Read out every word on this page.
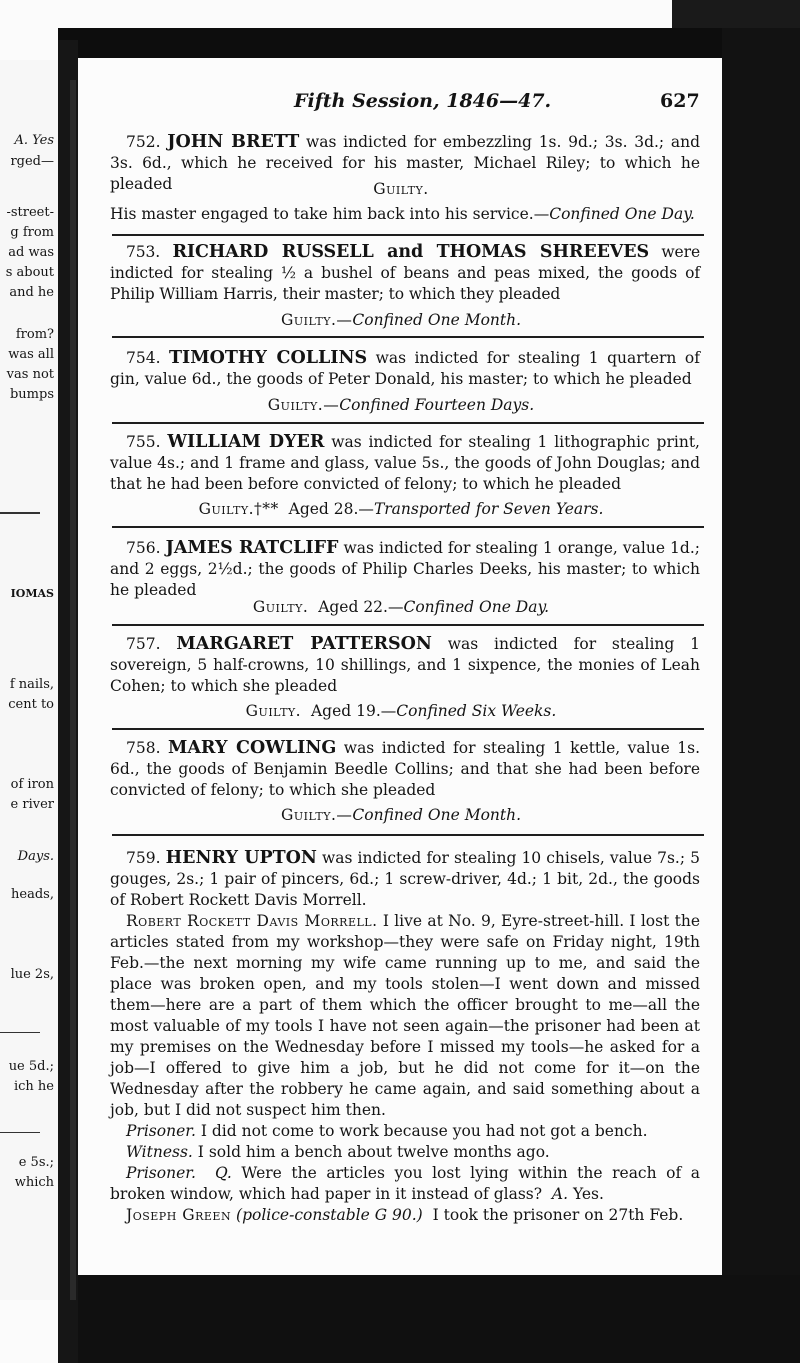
A. Yes
rged—
-street-
g from
ad was
s about
and he
from?
was all
vas not
bumps
IOMAS
f nails,
cent to
of iron
e river
Days.
heads,
lue 2s,
ue 5d.;
ich he
e 5s.;
which
Fifth Session, 1846—47.	627

752. JOHN BRETT was indicted for embezzling 1s. 9d.; 3s. 3d.; and 3s. 6d., which he received for his master, Michael Riley; to which he pleaded	Guilty.
His master engaged to take him back into his service.—Confined One Day.

753. RICHARD RUSSELL and THOMAS SHREEVES were indicted for stealing ½ a bushel of beans and peas mixed, the goods of Philip William Harris, their master; to which they pleaded

Guilty.—Confined One Month.

754. TIMOTHY COLLINS was indicted for stealing 1 quartern of gin, value 6d., the goods of Peter Donald, his master; to which he pleaded

Guilty.—Confined Fourteen Days.

755. WILLIAM DYER was indicted for stealing 1 lithographic print, value 4s.; and 1 frame and glass, value 5s., the goods of John Douglas; and that he had been before convicted of felony; to which he pleaded

Guilty.†** Aged 28.—Transported for Seven Years.

756. JAMES RATCLIFF was indicted for stealing 1 orange, value 1d.; and 2 eggs, 2½d.; the goods of Philip Charles Deeks, his master; to which he pleaded

Guilty. Aged 22.—Confined One Day.

757. MARGARET PATTERSON was indicted for stealing 1 sovereign, 5 half-crowns, 10 shillings, and 1 sixpence, the monies of Leah Cohen; to which she pleaded

Guilty. Aged 19.—Confined Six Weeks.

758. MARY COWLING was indicted for stealing 1 kettle, value 1s. 6d., the goods of Benjamin Beedle Collins; and that she had been before convicted of felony; to which she pleaded

Guilty.—Confined One Month.

759. HENRY UPTON was indicted for stealing 10 chisels, value 7s.; 5 gouges, 2s.; 1 pair of pincers, 6d.; 1 screw-driver, 4d.; 1 bit, 2d., the goods of Robert Rockett Davis Morrell.

Robert Rockett Davis Morrell. I live at No. 9, Eyre-street-hill. I lost the articles stated from my workshop—they were safe on Friday night, 19th Feb.—the next morning my wife came running up to me, and said the place was broken open, and my tools stolen—I went down and missed them—here are a part of them which the officer brought to me—all the most valuable of my tools I have not seen again—the prisoner had been at my premises on the Wednesday before I missed my tools—he asked for a job—I offered to give him a job, but he did not come for it—on the Wednesday after the robbery he came again, and said something about a job, but I did not suspect him then.

Prisoner. I did not come to work because you had not got a bench.

Witness. I sold him a bench about twelve months ago.

Prisoner. Q. Were the articles you lost lying within the reach of a broken window, which had paper in it instead of glass? A. Yes.

Joseph Green (police-constable G 90.) I took the prisoner on 27th Feb.
